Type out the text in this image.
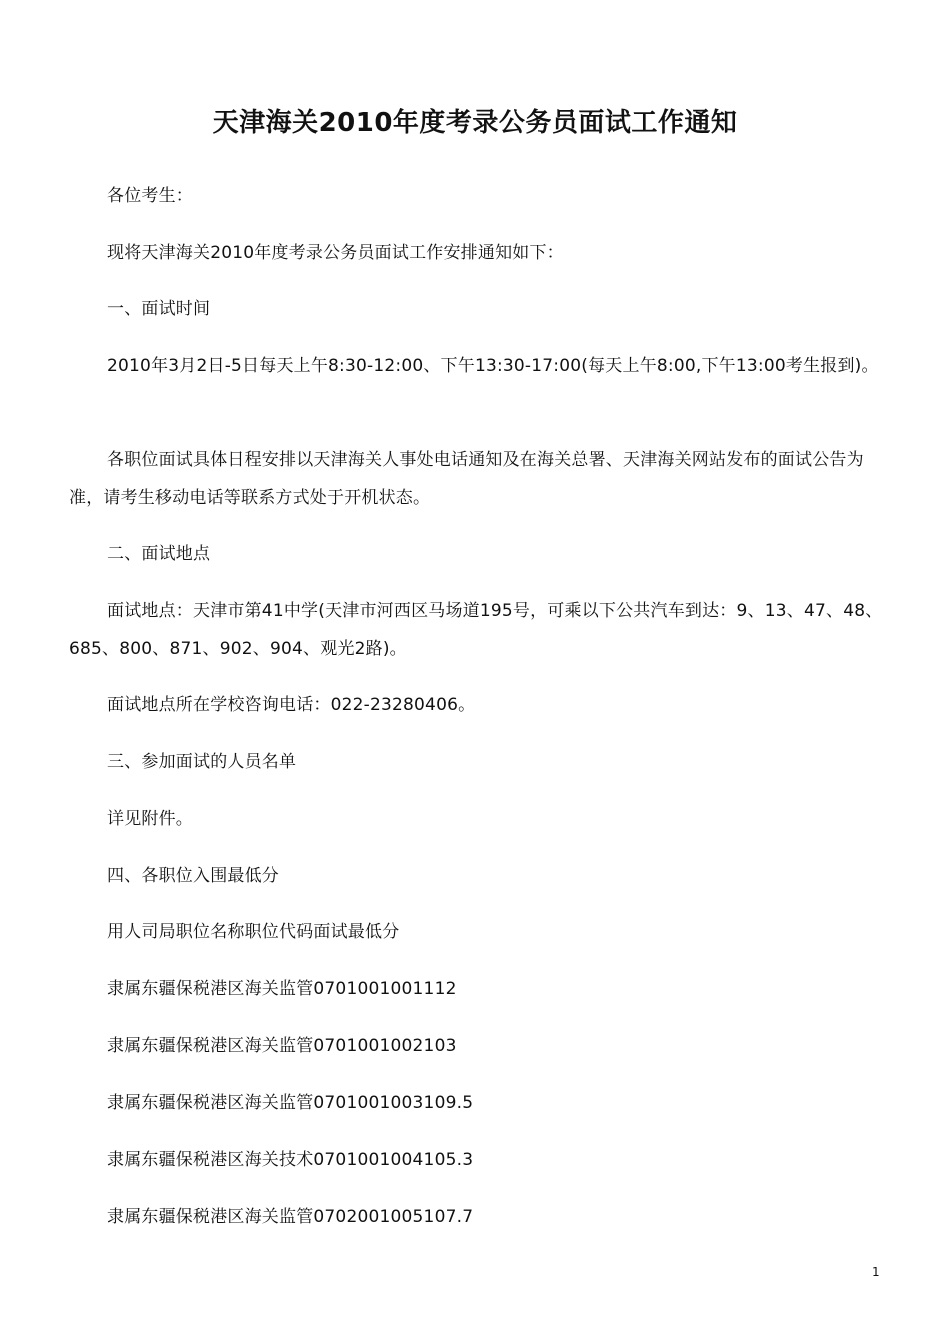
天津海关2010年度考录公务员面试工作通知

各位考生：

现将天津海关2010年度考录公务员面试工作安排通知如下：

一、面试时间

2010年3月2日-5日每天上午8:30-12:00、下午13:30-17:00(每天上午8:00,下午13:00考生报到)。

各职位面试具体日程安排以天津海关人事处电话通知及在海关总署、天津海关网站发布的面试公告为准，请考生移动电话等联系方式处于开机状态。

二、面试地点

面试地点：天津市第41中学(天津市河西区马场道195号，可乘以下公共汽车到达：9、13、47、48、685、800、871、902、904、观光2路)。

面试地点所在学校咨询电话：022-23280406。

三、参加面试的人员名单

详见附件。

四、各职位入围最低分

用人司局职位名称职位代码面试最低分

隶属东疆保税港区海关监管0701001001112

隶属东疆保税港区海关监管0701001002103

隶属东疆保税港区海关监管0701001003109.5

隶属东疆保税港区海关技术0701001004105.3

隶属东疆保税港区海关监管0702001005107.7

1
